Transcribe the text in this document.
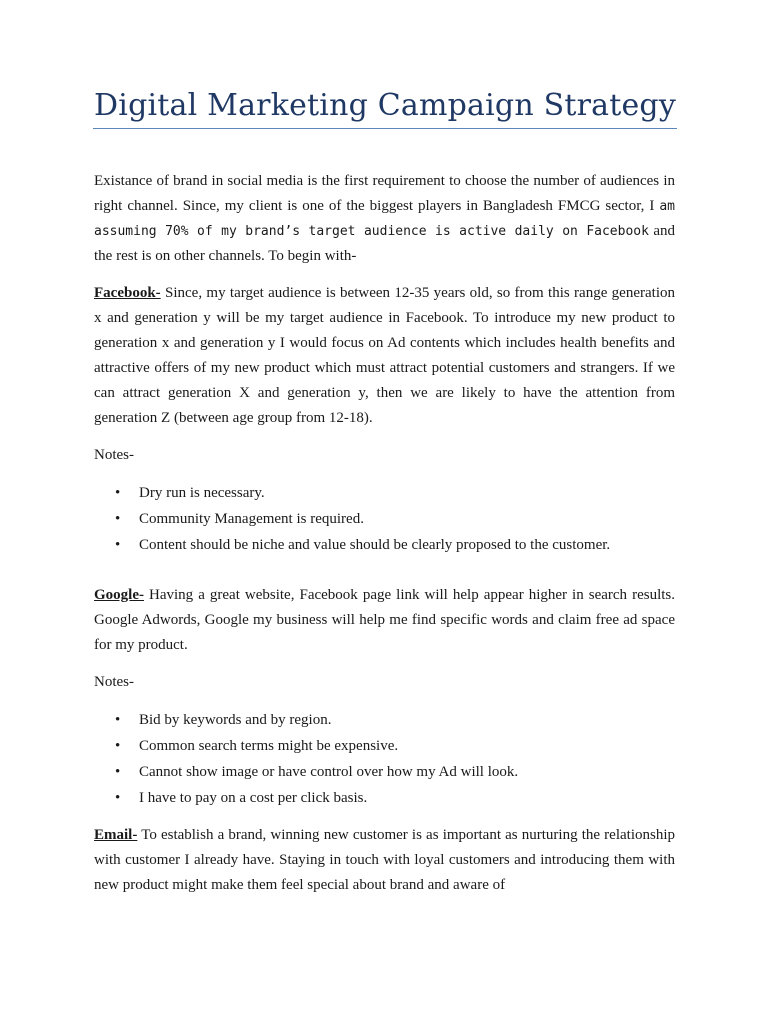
Digital Marketing Campaign Strategy

Existance of brand in social media is the first requirement to choose the number of audiences in right channel. Since, my client is one of the biggest players in Bangladesh FMCG sector, I am assuming 70% of my brand’s target audience is active daily on Facebook and the rest is on other channels. To begin with-

Facebook- Since, my target audience is between 12-35 years old, so from this range generation x and generation y will be my target audience in Facebook. To introduce my new product to generation x and generation y I would focus on Ad contents which includes health benefits and attractive offers of my new product which must attract potential customers and strangers. If we can attract generation X and generation y, then we are likely to have the attention from generation Z (between age group from 12-18).

Notes-

• Dry run is necessary.
• Community Management is required.
• Content should be niche and value should be clearly proposed to the customer.

Google- Having a great website, Facebook page link will help appear higher in search results. Google Adwords, Google my business will help me find specific words and claim free ad space for my product.

Notes-

• Bid by keywords and by region.
• Common search terms might be expensive.
• Cannot show image or have control over how my Ad will look.
• I have to pay on a cost per click basis.

Email- To establish a brand, winning new customer is as important as nurturing the relationship with customer I already have. Staying in touch with loyal customers and introducing them with new product might make them feel special about brand and aware of
